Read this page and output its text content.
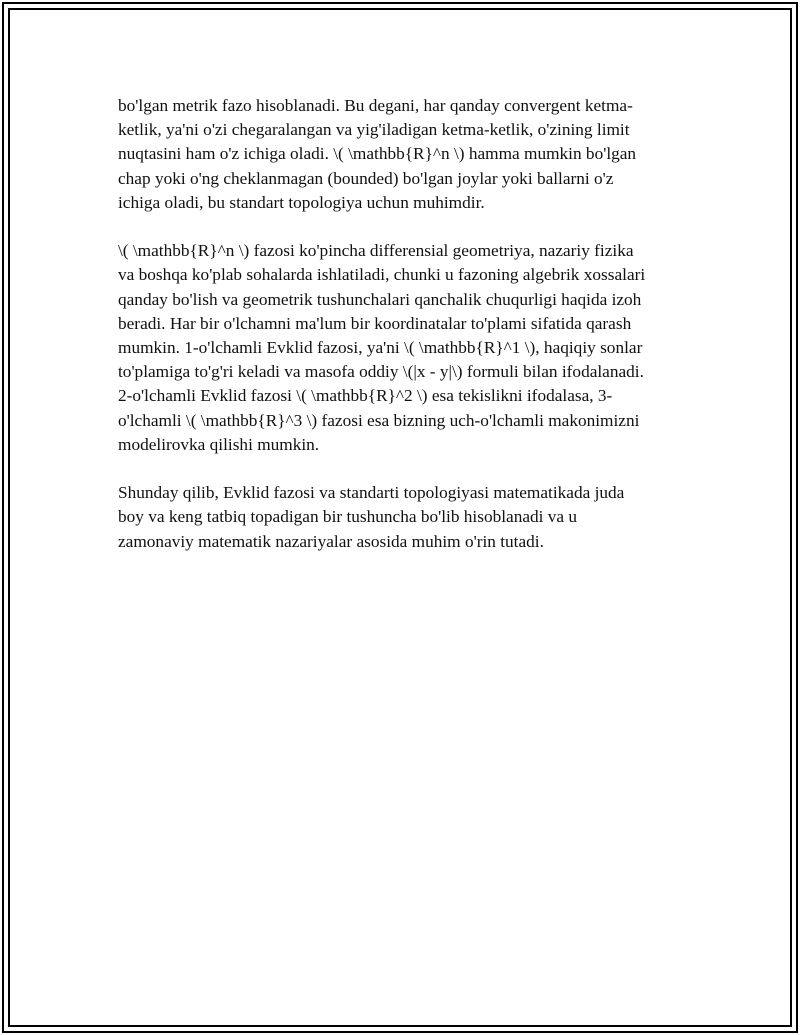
bo'lgan metrik fazo hisoblanadi. Bu degani, har qanday convergent ketma-
ketlik, ya'ni o'zi chegaralangan va yig'iladigan ketma-ketlik, o'zining limit
nuqtasini ham o'z ichiga oladi. \( \mathbb{R}^n \) hamma mumkin bo'lgan
chap yoki o'ng cheklanmagan (bounded) bo'lgan joylar yoki ballarni o'z
ichiga oladi, bu standart topologiya uchun muhimdir.

\( \mathbb{R}^n \) fazosi ko'pincha differensial geometriya, nazariy fizika
va boshqa ko'plab sohalarda ishlatiladi, chunki u fazoning algebrik xossalari
qanday bo'lish va geometrik tushunchalari qanchalik chuqurligi haqida izoh
beradi. Har bir o'lchamni ma'lum bir koordinatalar to'plami sifatida qarash
mumkin. 1-o'lchamli Evklid fazosi, ya'ni \( \mathbb{R}^1 \), haqiqiy sonlar
to'plamiga to'g'ri keladi va masofa oddiy \(|x - y|\) formuli bilan ifodalanadi.
2-o'lchamli Evklid fazosi \( \mathbb{R}^2 \) esa tekislikni ifodalasa, 3-
o'lchamli \( \mathbb{R}^3 \) fazosi esa bizning uch-o'lchamli makonimizni
modelirovka qilishi mumkin.

Shunday qilib, Evklid fazosi va standarti topologiyasi matematikada juda
boy va keng tatbiq topadigan bir tushuncha bo'lib hisoblanadi va u
zamonaviy matematik nazariyalar asosida muhim o'rin tutadi.
